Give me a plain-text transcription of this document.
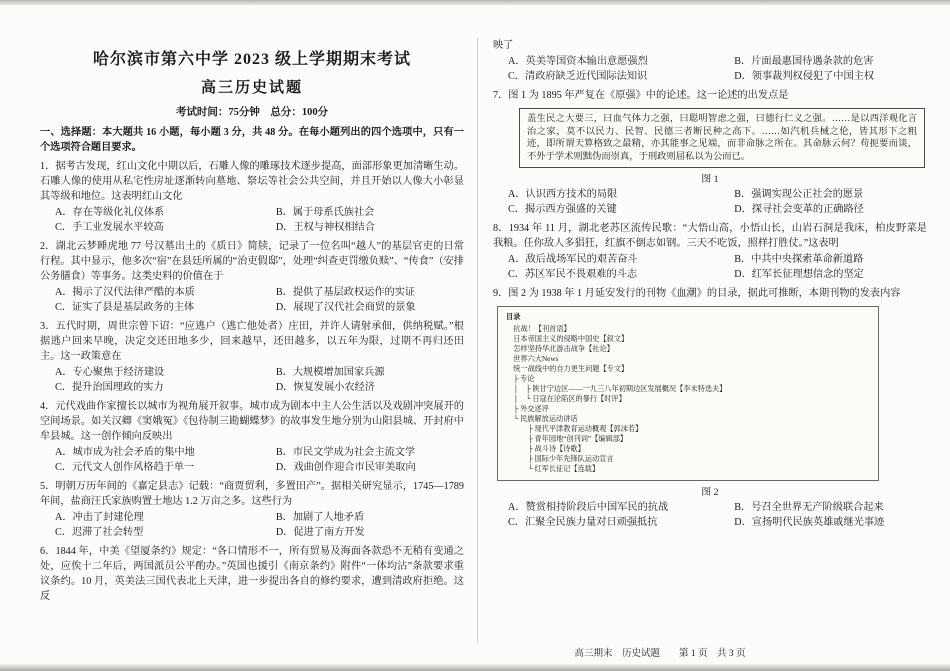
哈尔滨市第六中学 2023 级上学期期末考试
高三历史试题
考试时间：75分钟　总分：100分
一、选择题：本大题共 16 小题，每小题 3 分，共 48 分。在每小题列出的四个选项中，只有一个选项符合题目要求。
1．据考古发现，红山文化中期以后，石雕人像的雕琢技术逐步提高，面部形象更加清晰生动。石雕人像的使用从私宅性房址逐渐转向墓地、祭坛等社会公共空间，并且开始以人像大小彰显其等级和地位。这表明红山文化
A．存在等级化礼仪体系	B．属于母系氏族社会
C．手工业发展水平较高	D．王权与神权相结合
2．湖北云梦睡虎地 77 号汉墓出土的《质日》简牍，记录了一位名叫“越人”的基层官吏的日常行程。其中显示，他多次“宿”在县廷所属的“治吏假邸”，处理“纠查吏罚缴负赎”、“传食”（安排公务膳食）等事务。这类史料的价值在于
A．揭示了汉代法律严酷的本质	B．提供了基层政权运作的实证
C．证实了县是基层政务的主体	D．展现了汉代社会商贸的景象
3．五代时期，周世宗曾下诏：“应逃户（逃亡他处者）庄田，并许人请射承佃，供纳税赋。”根据逃户回来早晚，决定交还田地多少，回来越早，还田越多，以五年为限，过期不再归还田主。这一政策意在
A．专心聚焦于经济建设	B．大规模增加国家兵源
C．提升治国理政的实力	D．恢复发展小农经济
4．元代戏曲作家擅长以城市为视角展开叙事。城市成为剧本中主人公生活以及戏剧冲突展开的空间场景。如关汉卿《窦娥冤》《包待制三勘蝴蝶梦》的故事发生地分别为山阳县城、开封府中牟县城。这一创作倾向反映出
A．城市成为社会矛盾的集中地	B．市民文学成为社会主流文学
C．元代文人创作风格趋于单一	D．戏曲创作迎合市民审美取向
5．明朝万历年间的《嘉定县志》记载：“商贾贸利，多置田产”。据相关研究显示，1745—1789 年间，盐商汪氏家族购置土地达 1.2 万亩之多。这些行为
A．冲击了封建伦理	B．加剧了人地矛盾
C．迟滞了社会转型	D．促进了南方开发
6．1844 年，中美《望厦条约》规定：“各口情形不一，所有贸易及海面各款恐不无稍有变通之处，应俟十二年后，两国派员公平酌办。”英国也援引《南京条约》附件“一体均沾”条款要求重议条约。10 月，英美法三国代表北上天津，进一步提出各自的修约要求，遭到清政府拒绝。这反
映了
A．英美等国资本输出意愿强烈	B．片面最惠国待遇条款的危害
C．清政府缺乏近代国际法知识	D．领事裁判权侵犯了中国主权
7．图 1 为 1895 年严复在《原强》中的论述。这一论述的出发点是
盖生民之大要三，曰血气体力之强，曰聪明智虑之强，曰德行仁义之强。……是以西洋观化言治之家，莫不以民力、民智、民德三者断民种之高下。……如汽机兵械之伦，皆其形下之粗迹，即所谓天算格致之最精，亦其能事之见端，而非命脉之所在。其命脉云何？苟扼要而谈，不外于学术则黜伪而崇真，于刑政则屈私以为公而已。
图 1
A．认识西方技术的局限	B．强调实现公正社会的愿景
C．揭示西方强盛的关键	D．探寻社会变革的正确路径
8．1934 年 11 月，湖北老苏区流传民歌：“大悟山高，小悟山长，山岩石洞是我床，柏皮野菜是我粮。任你敌人多猖狂，红旗不倒志如钢。三天不吃饭，照样打胜仗。”这表明
A．敌后战场军民的艰苦奋斗	B．中共中央探索革命新道路
C．苏区军民不畏艰难的斗志	D．红军长征理想信念的坚定
9．图 2 为 1938 年 1 月延安发行的刊物《血潮》的目录，据此可推断，本期刊物的发表内容
目录
　抗战！【刊首语】
　日本帝国主义的侵略中国史【叙文】
　怎样坚持华北游击战争【社论】
　世界六大News
　统一战线中的自力更生问题【专文】
　├ 专论
　│　├ 陕甘宁边区——一九三八年初期边区发展概况【李末特选夫】
　│　└ 日寇在沦陷区的暴行【时评】
　├ 外交述评
　└ 民族解放运动讲话
　　　├ 现代平津教育运动概观【郭沫若】
　　　├ 青年园地“创刊词”【编辑部】
　　　├ 战斗诗【诗歌】
　　　├ 国际少年先锋队运动宣言
　　　└ 红军长征记【连载】
图 2
A．赞赏相持阶段后中国军民的抗战	B．号召全世界无产阶级联合起来
C．汇聚全民族力量对日顽强抵抗	D．宣扬明代民族英雄戚继光事迹
高三期末　历史试题　　第 1 页　共 3 页
